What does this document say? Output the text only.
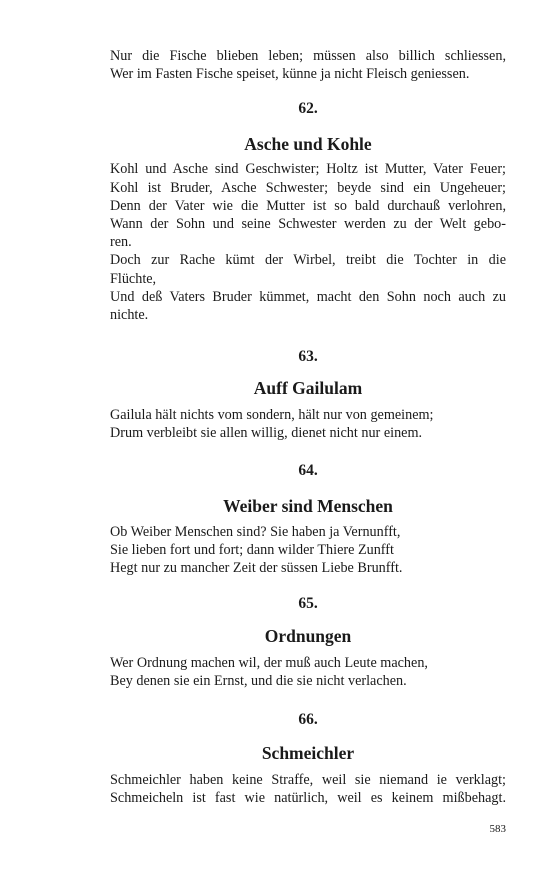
Nur die Fische blieben leben; müssen also billich schliessen,
Wer im Fasten Fische speiset, künne ja nicht Fleisch geniessen.
62.
Asche und Kohle
Kohl und Asche sind Geschwister; Holtz ist Mutter, Vater Feuer;
Kohl ist Bruder, Asche Schwester; beyde sind ein Ungeheuer;
Denn der Vater wie die Mutter ist so bald durchauß verlohren,
Wann der Sohn und seine Schwester werden zu der Welt gebo-
ren.
Doch zur Rache kümt der Wirbel, treibt die Tochter in die
Flüchte,
Und deß Vaters Bruder kümmet, macht den Sohn noch auch zu
nichte.
63.
Auff Gailulam
Gailula hält nichts vom sondern, hält nur von gemeinem;
Drum verbleibt sie allen willig, dienet nicht nur einem.
64.
Weiber sind Menschen
Ob Weiber Menschen sind? Sie haben ja Vernunfft,
Sie lieben fort und fort; dann wilder Thiere Zunfft
Hegt nur zu mancher Zeit der süssen Liebe Brunfft.
65.
Ordnungen
Wer Ordnung machen wil, der muß auch Leute machen,
Bey denen sie ein Ernst, und die sie nicht verlachen.
66.
Schmeichler
Schmeichler haben keine Straffe, weil sie niemand ie verklagt;
Schmeicheln ist fast wie natürlich, weil es keinem mißbehagt.
583
